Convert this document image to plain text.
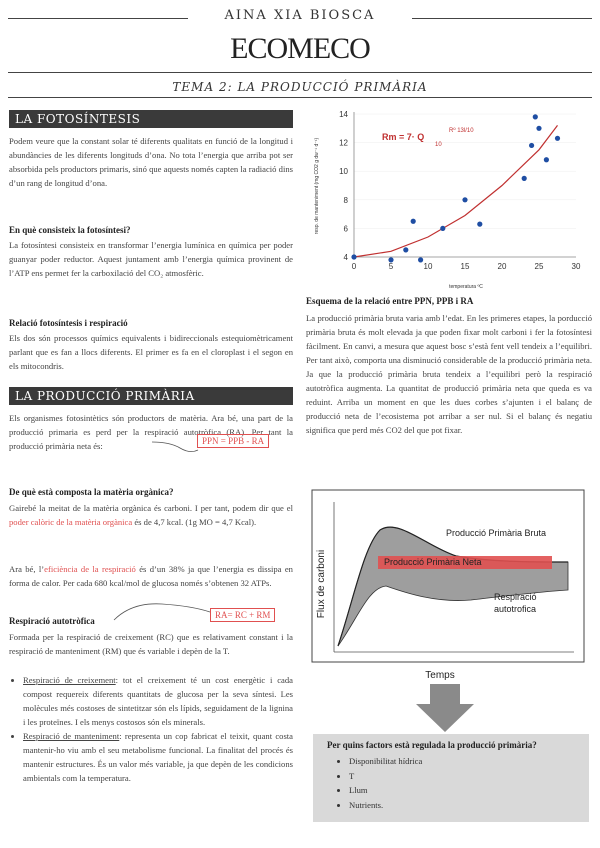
AINA XIA BIOSCA
ECOMECO
TEMA 2: LA PRODUCCIÓ PRIMÀRIA
LA FOTOSÍNTESIS
Podem veure que la constant solar té diferents qualitats en funció de la longitud i abundàncies de les diferents longituds d’ona. No tota l’energia que arriba pot ser absorbida pels productors primaris, sinó que aquests només capten la radiació dins d’un rang de longitud d’ona.
En què consisteix la fotosíntesi?
La fotosíntesi consisteix en transformar l’energia lumínica en química per poder guanyar poder reductor. Aquest juntament amb l’energia química provinent de l’ATP ens permet fer la carboxilació del CO₂ atmosfèric.
Relació fotosíntesis i respiració
Els dos són processos químics equivalents i bidireccionals estequiomètricament parlant que es fan a llocs diferents. El primer es fa en el cloroplast i el segon en els mitocondris.
LA PRODUCCIÓ PRIMÀRIA
Els organismes fotosintètics són productors de matèria. Ara bé, una part de la producció primaria es perd per la respiració autotròfica (RA). Per tant la producció primària neta és:	PPN = PPB - RA
De què està composta la matèria orgànica?
Gairebé la meitat de la matèria orgànica és carboni. I per tant, podem dir que el poder calòric de la matèria orgànica és de 4,7 kcal. (1g MO = 4,7 Kcal).
Ara bé, l’eficiència de la respiració és d’un 38% ja que l’energia es dissipa en forma de calor. Per cada 680 kcal/mol de glucosa només s’obtenen 32 ATPs.
Respiració autotròfica
RA= RC + RM
Formada per la respiració de creixement (RC) que es relativament constant i la respiració de manteniment (RM) que és variable i depèn de la T.
• Respiració de creixement: tot el creixement té un cost energètic i cada compost requereix diferents quantitats de glucosa per la seva síntesi. Les molècules més costoses de sintetitzar són els lípids, seguidament de la lignina i les proteïnes. I els menys costosos són els minerals.
• Respiració de manteniment: representa un cop fabricat el teixit, quant costa mantenir-ho viu amb el seu metabolisme funcional. La finalitat del procés és mantenir estructures. És un valor més variable, ja que depèn de les condicions ambientals com la temperatura.
0	5	10	15	20	25	30
4
6
8
10
12
14
Rm = 7· Q
10
Rº 13l/10
temperatura ºC
resp. de manteniment (mg CO2 g dw⁻¹ d⁻¹)
Esquema de la relació entre PPN, PPB i RA
La producció primària bruta varia amb l’edat. En les primeres etapes, la porducció primària bruta és molt elevada ja que poden fixar molt carboni i fer la fotosíntesi fàcilment. En canvi, a mesura que aquest bosc s’està fent vell tendeix a l’equilibri. Per tant això, comporta una disminució considerable de la producció primària neta. Ja que la producció primària bruta tendeix a l’equilibri però la respiració autotròfica augmenta. La quantitat de producció primària neta que queda es va reduint. Arriba un moment en que les dues corbes s’ajunten i el balanç de producció neta de l’ecosistema pot arribar a ser nul. Si el balanç és negatiu significa que perd més CO2 del que pot fixar.
Producció Primària Bruta
Producció Primària Neta
Respiració
autotrofica
Flux de carboni
Temps
Per quins factors està regulada la producció primària?
• Disponibilitat hídrica
• T
• Llum
• Nutrients.
